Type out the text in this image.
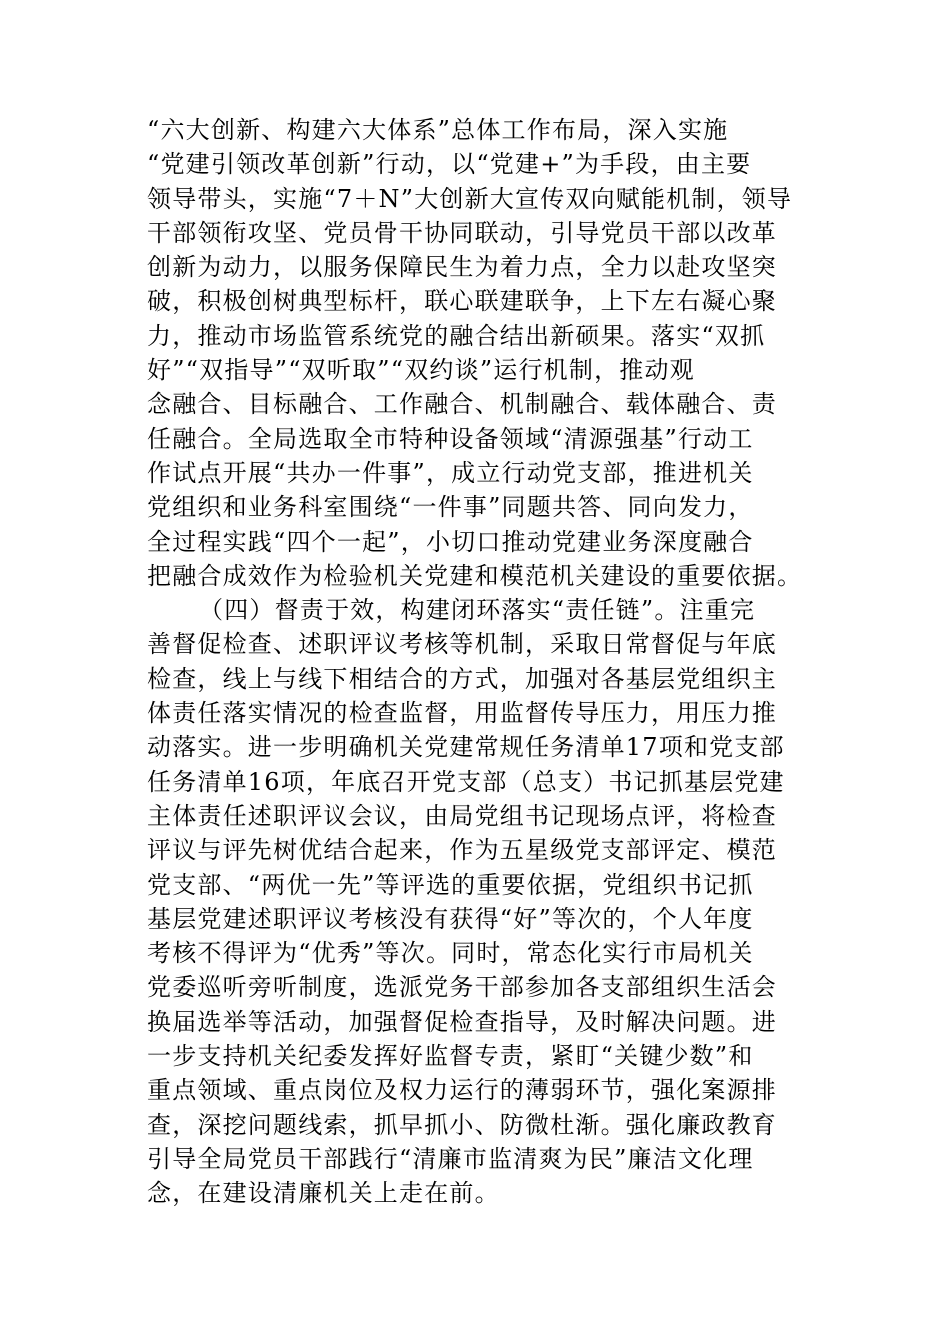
“六大创新、构建六大体系”总体工作布局，深入实施
“党建引领改革创新”行动，以“党建+”为手段，由主要
领导带头，实施“7＋N”大创新大宣传双向赋能机制，领导
干部领衔攻坚、党员骨干协同联动，引导党员干部以改革
创新为动力，以服务保障民生为着力点，全力以赴攻坚突
破，积极创树典型标杆，联心联建联争，上下左右凝心聚
力，推动市场监管系统党的融合结出新硕果。落实“双抓
好”“双指导”“双听取”“双约谈”运行机制，推动观
念融合、目标融合、工作融合、机制融合、载体融合、责
任融合。全局选取全市特种设备领域“清源强基”行动工
作试点开展“共办一件事”，成立行动党支部，推进机关
党组织和业务科室围绕“一件事”同题共答、同向发力，
全过程实践“四个一起”，小切口推动党建业务深度融合
把融合成效作为检验机关党建和模范机关建设的重要依据。
（四）督责于效，构建闭环落实“责任链”。注重完
善督促检查、述职评议考核等机制，采取日常督促与年底
检查，线上与线下相结合的方式，加强对各基层党组织主
体责任落实情况的检查监督，用监督传导压力，用压力推
动落实。进一步明确机关党建常规任务清单17项和党支部
任务清单16项，年底召开党支部（总支）书记抓基层党建
主体责任述职评议会议，由局党组书记现场点评，将检查
评议与评先树优结合起来，作为五星级党支部评定、模范
党支部、“两优一先”等评选的重要依据，党组织书记抓
基层党建述职评议考核没有获得“好”等次的，个人年度
考核不得评为“优秀”等次。同时，常态化实行市局机关
党委巡听旁听制度，选派党务干部参加各支部组织生活会
换届选举等活动，加强督促检查指导，及时解决问题。进
一步支持机关纪委发挥好监督专责，紧盯“关键少数”和
重点领域、重点岗位及权力运行的薄弱环节，强化案源排
查，深挖问题线索，抓早抓小、防微杜渐。强化廉政教育
引导全局党员干部践行“清廉市监清爽为民”廉洁文化理
念，在建设清廉机关上走在前。
